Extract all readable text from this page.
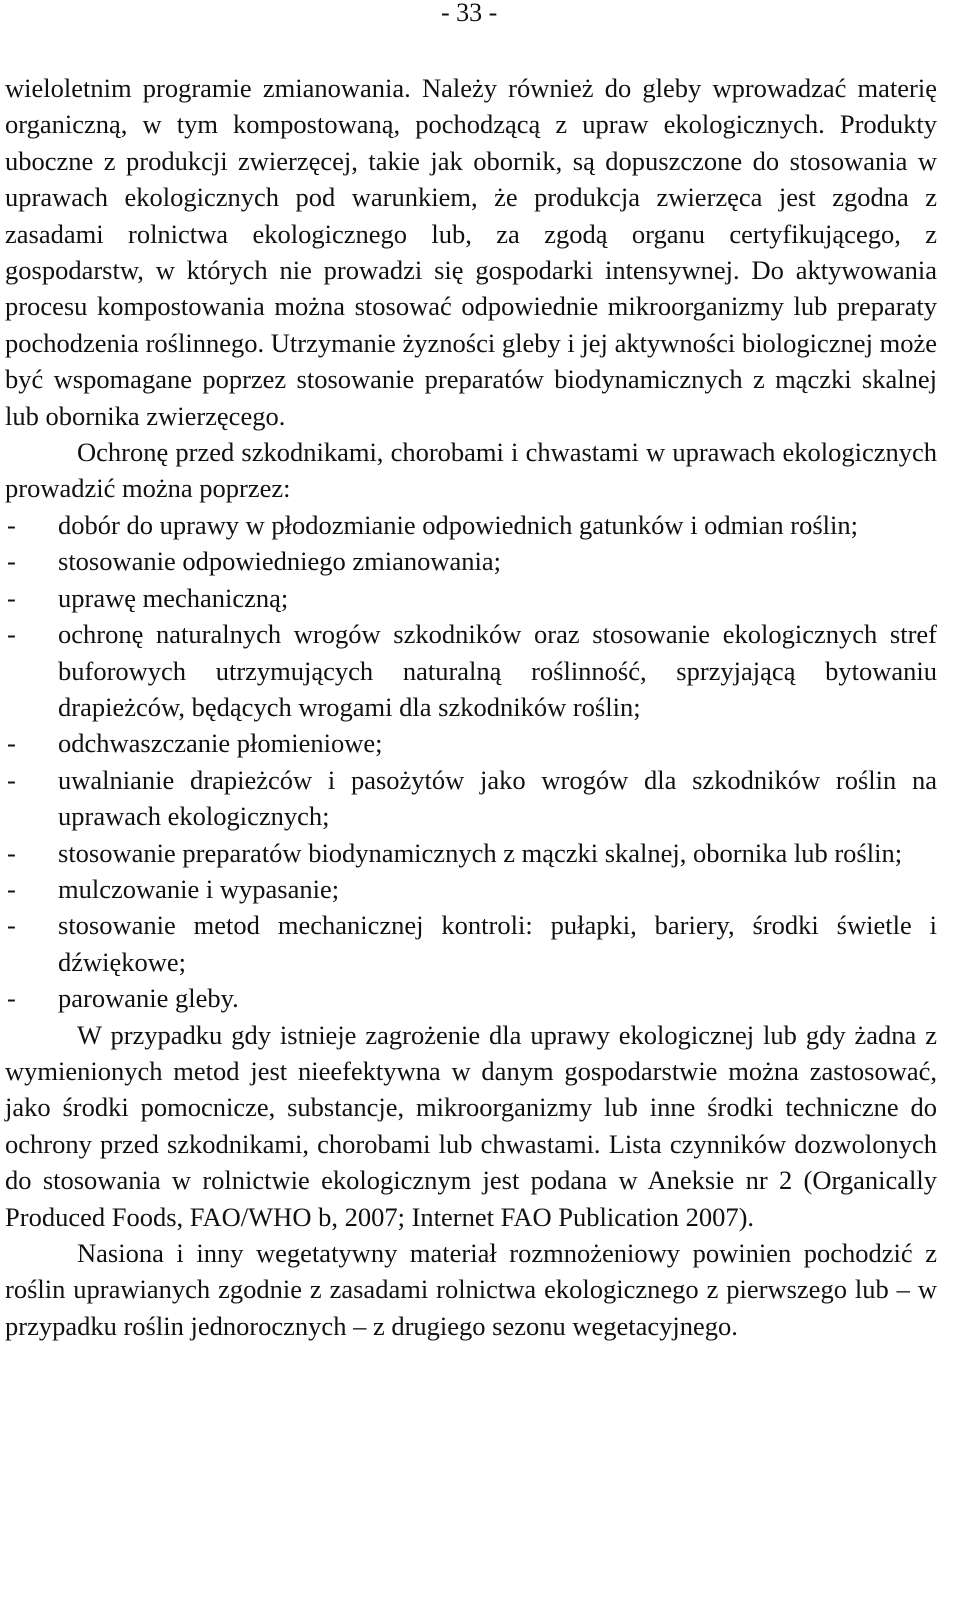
- 33 -

wieloletnim programie zmianowania. Należy również do gleby wprowadzać materię organiczną, w tym kompostowaną, pochodzącą z upraw ekologicznych. Produkty uboczne z produkcji zwierzęcej, takie jak obornik, są dopuszczone do stosowania w uprawach ekologicznych pod warunkiem, że produkcja zwierzęca jest zgodna z zasadami rolnictwa ekologicznego lub, za zgodą organu certyfikującego, z gospodarstw, w których nie prowadzi się gospodarki intensywnej. Do aktywowania procesu kompostowania można stosować odpowiednie mikroorganizmy lub preparaty pochodzenia roślinnego. Utrzymanie żyzności gleby i jej aktywności biologicznej może być wspomagane poprzez stosowanie preparatów biodynamicznych z mączki skalnej lub obornika zwierzęcego.

Ochronę przed szkodnikami, chorobami i chwastami w uprawach ekologicznych prowadzić można poprzez:

- dobór do uprawy w płodozmianie odpowiednich gatunków i odmian roślin;
- stosowanie odpowiedniego zmianowania;
- uprawę mechaniczną;
- ochronę naturalnych wrogów szkodników oraz stosowanie ekologicznych stref buforowych utrzymujących naturalną roślinność, sprzyjającą bytowaniu drapieżców, będących wrogami dla szkodników roślin;
- odchwaszczanie płomieniowe;
- uwalnianie drapieżców i pasożytów jako wrogów dla szkodników roślin na uprawach ekologicznych;
- stosowanie preparatów biodynamicznych z mączki skalnej, obornika lub roślin;
- mulczowanie i wypasanie;
- stosowanie metod mechanicznej kontroli: pułapki, bariery, środki świetle i dźwiękowe;
- parowanie gleby.

W przypadku gdy istnieje zagrożenie dla uprawy ekologicznej lub gdy żadna z wymienionych metod jest nieefektywna w danym gospodarstwie można zastosować, jako środki pomocnicze, substancje, mikroorganizmy lub inne środki techniczne do ochrony przed szkodnikami, chorobami lub chwastami. Lista czynników dozwolonych do stosowania w rolnictwie ekologicznym jest podana w Aneksie nr 2 (Organically Produced Foods, FAO/WHO b, 2007; Internet FAO Publication 2007).

Nasiona i inny wegetatywny materiał rozmnożeniowy powinien pochodzić z roślin uprawianych zgodnie z zasadami rolnictwa ekologicznego z pierwszego lub – w przypadku roślin jednorocznych – z drugiego sezonu wegetacyjnego.
